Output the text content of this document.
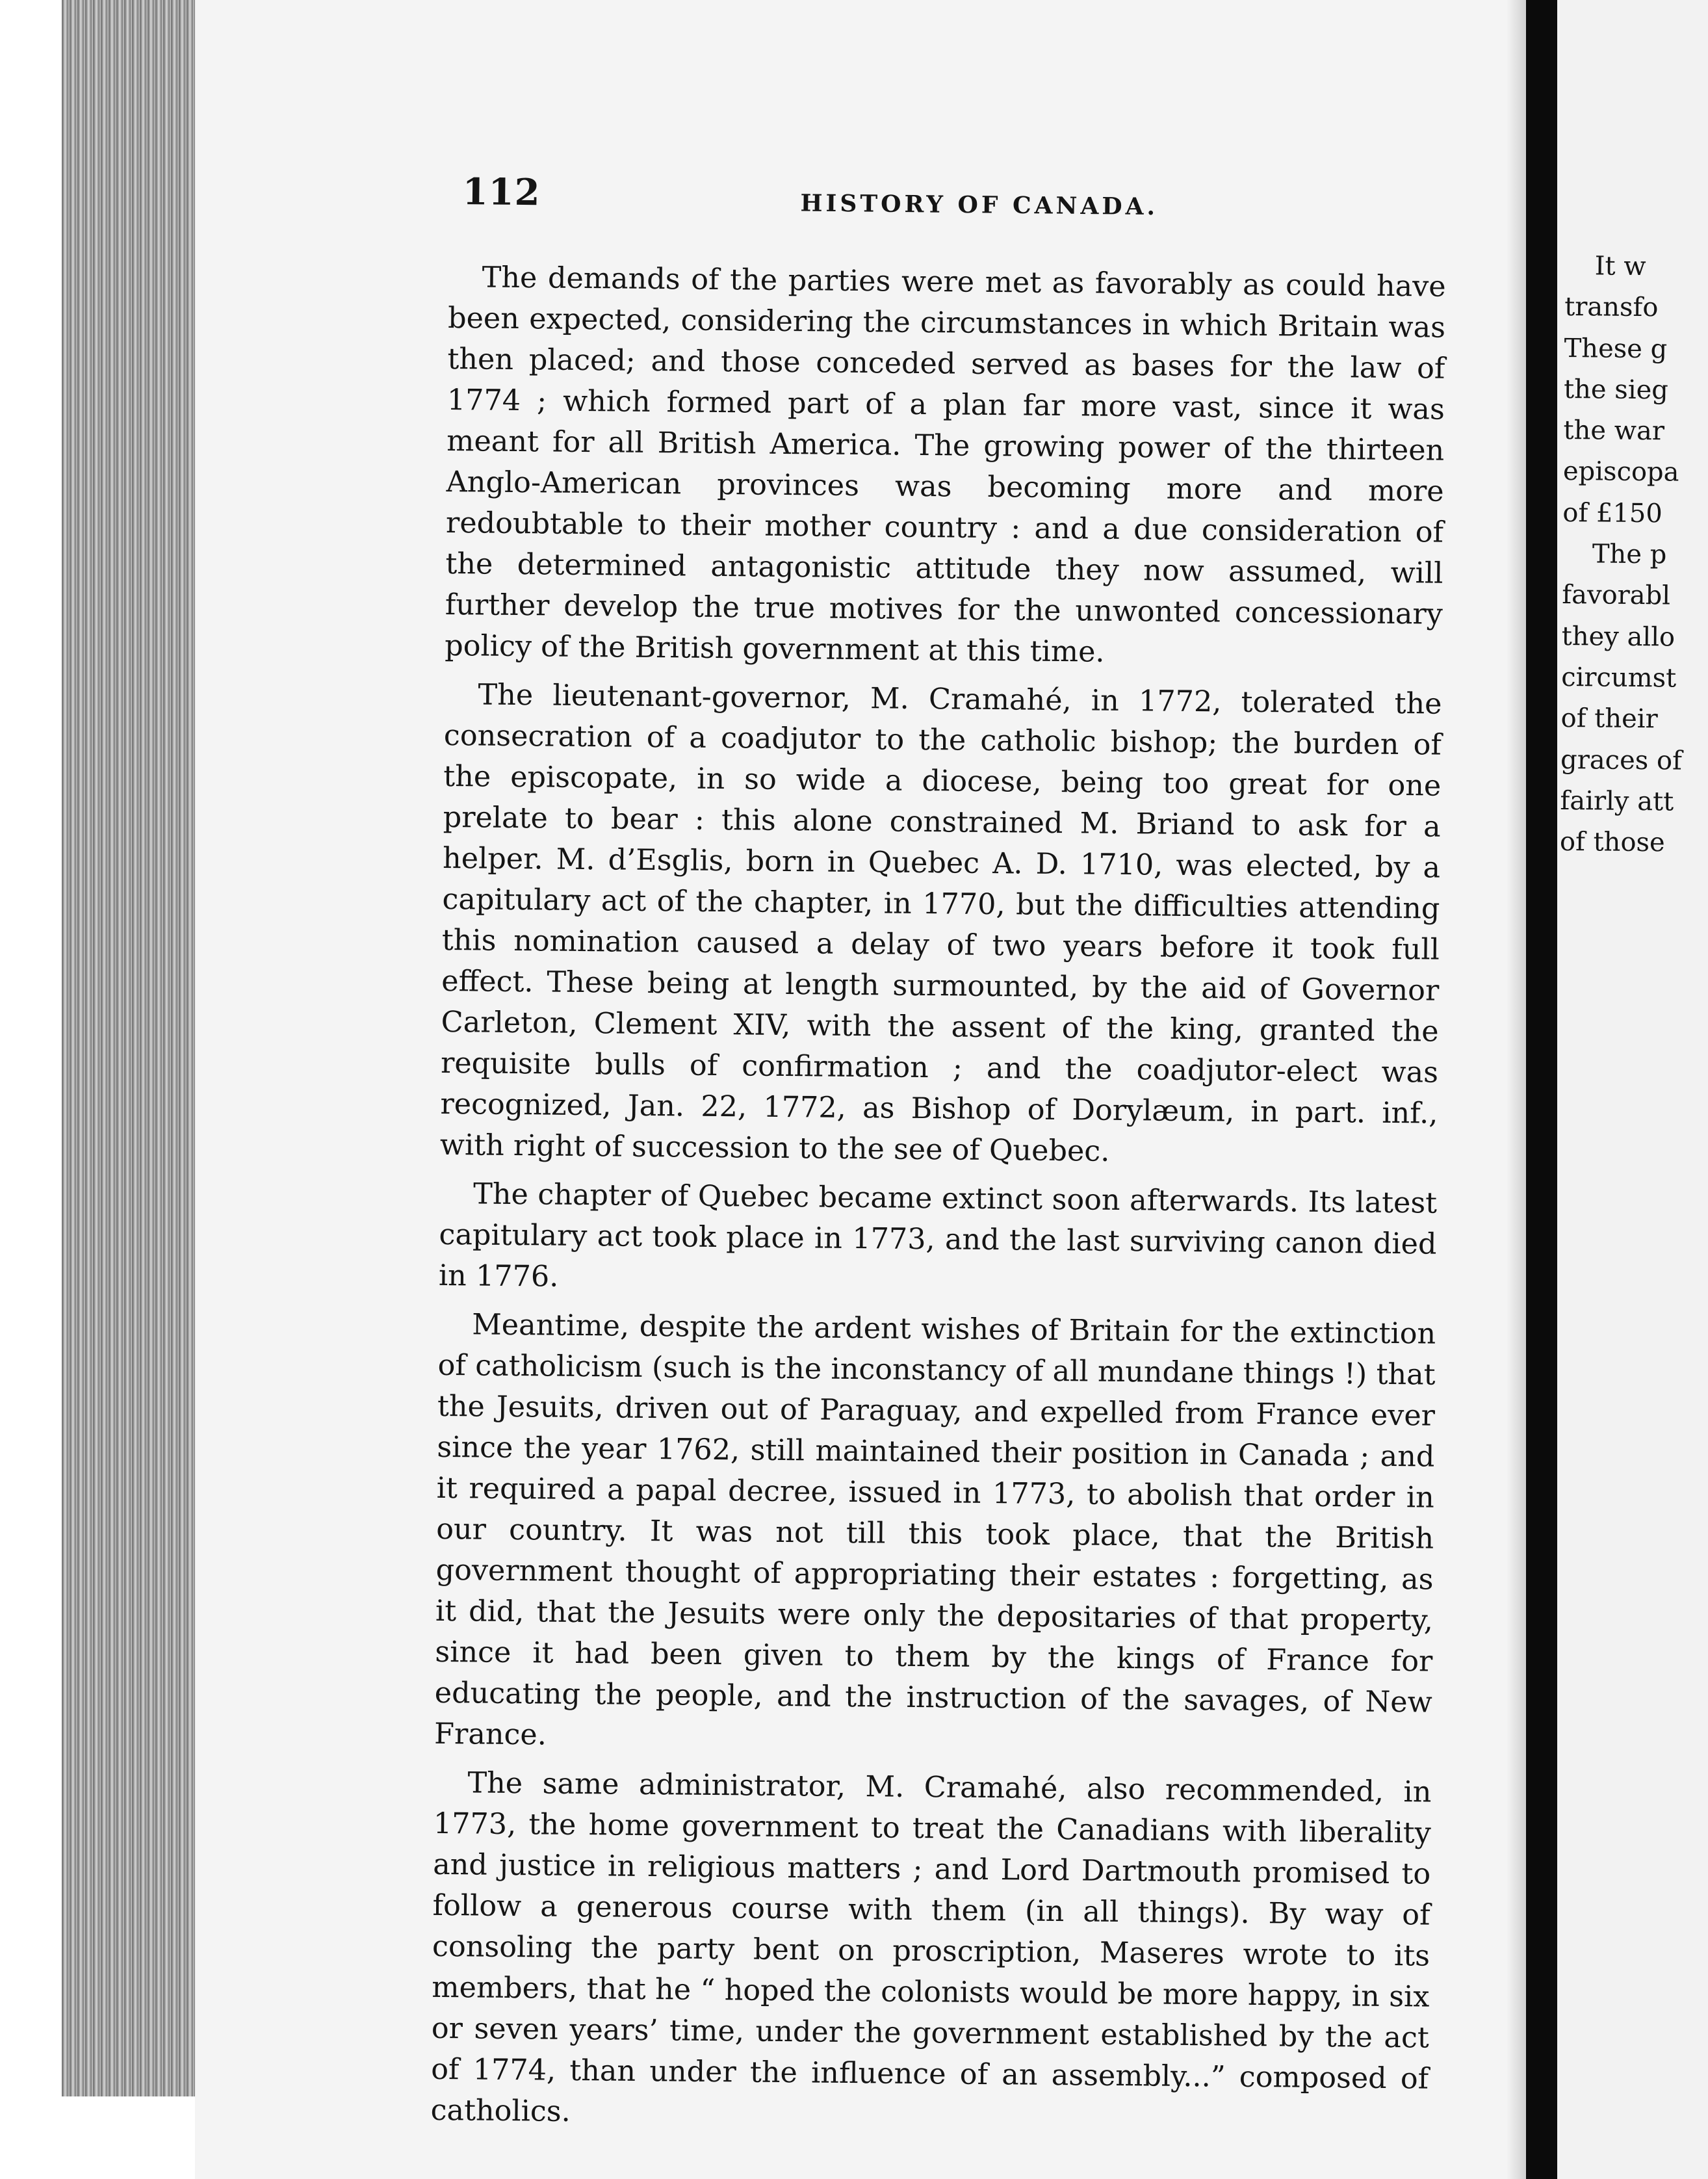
112	HISTORY OF CANADA.

The demands of the parties were met as favorably as could have been expected, considering the circumstances in which Britain was then placed; and those conceded served as bases for the law of 1774 ; which formed part of a plan far more vast, since it was meant for all British America. The growing power of the thirteen Anglo-American provinces was becoming more and more redoubtable to their mother country : and a due consideration of the determined antagonistic attitude they now assumed, will further develop the true motives for the unwonted concessionary policy of the British government at this time.

The lieutenant-governor, M. Cramahé, in 1772, tolerated the consecration of a coadjutor to the catholic bishop; the burden of the episcopate, in so wide a diocese, being too great for one prelate to bear : this alone constrained M. Briand to ask for a helper. M. d’Esglis, born in Quebec A. D. 1710, was elected, by a capitulary act of the chapter, in 1770, but the difficulties attending this nomination caused a delay of two years before it took full effect. These being at length surmounted, by the aid of Governor Carleton, Clement XIV, with the assent of the king, granted the requisite bulls of confirmation ; and the coadjutor-elect was recognized, Jan. 22, 1772, as Bishop of Dorylæum, in part. inf., with right of succession to the see of Quebec.

The chapter of Quebec became extinct soon afterwards. Its latest capitulary act took place in 1773, and the last surviving canon died in 1776.

Meantime, despite the ardent wishes of Britain for the extinction of catholicism (such is the inconstancy of all mundane things !) that the Jesuits, driven out of Paraguay, and expelled from France ever since the year 1762, still maintained their position in Canada ; and it required a papal decree, issued in 1773, to abolish that order in our country. It was not till this took place, that the British government thought of appropriating their estates : forgetting, as it did, that the Jesuits were only the depositaries of that property, since it had been given to them by the kings of France for educating the people, and the instruction of the savages, of New France.

The same administrator, M. Cramahé, also recommended, in 1773, the home government to treat the Canadians with liberality and justice in religious matters ; and Lord Dartmouth promised to follow a generous course with them (in all things). By way of consoling the party bent on proscription, Maseres wrote to its members, that he “ hoped the colonists would be more happy, in six or seven years’ time, under the government established by the act of 1774, than under the influence of an assembly...” composed of catholics.

It w
transfo
These g
the sieg
the war
episcopa
of £150
The p
favorabl
they allo
circumst
of their
graces of
fairly att
of those
